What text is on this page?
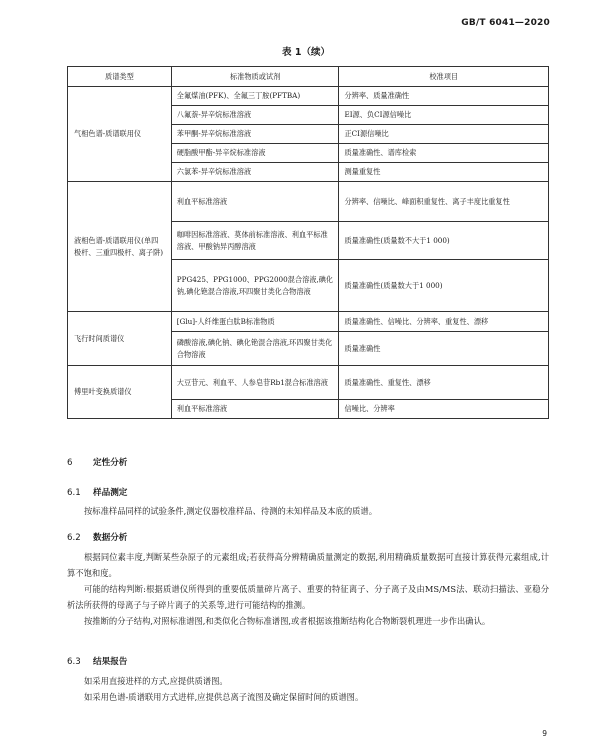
GB/T 6041—2020
表 1（续）
质谱类型	标准物质或试剂	校准项目
气相色谱-质谱联用仪	全氟煤油(PFK)、全氟三丁胺(PFTBA)	分辨率、质量准确性
	八氟萘-异辛烷标准溶液	EI源、负CI源信噪比
	苯甲酮-异辛烷标准溶液	正CI源信噪比
	硬脂酸甲酯-异辛烷标准溶液	质量准确性、谱库检索
	六氯苯-异辛烷标准溶液	测量重复性
液相色谱-质谱联用仪(单四极杆、三重四极杆、离子阱)	利血平标准溶液	分辨率、信噪比、峰面积重复性、离子丰度比重复性
	咖啡因标准溶液、莫体前标准溶液、利血平标准溶液、甲酸钠异丙醇溶液	质量准确性(质量数不大于1 000)
	PPG425、PPG1000、PPG2000混合溶液,碘化钠,碘化铯混合溶液,环四聚甘类化合物溶液	质量准确性(质量数大于1 000)
飞行时间质谱仪	[Glu]-人纤维蛋白肽B标准物质	质量准确性、信噪比、分辨率、重复性、漂移
	磷酸溶液,碘化钠、碘化铯混合溶液,环四聚甘类化合物溶液	质量准确性
傅里叶变换质谱仪	大豆苷元、利血平、人参皂苷Rb1混合标准溶液	质量准确性、重复性、漂移
	利血平标准溶液	信噪比、分辨率
6 定性分析
6.1 样品测定
按标准样品同样的试验条件,测定仪器校准样品、待测的未知样品及本底的质谱。
6.2 数据分析
根据同位素丰度,判断某些杂原子的元素组成;若获得高分辨精确质量测定的数据,利用精确质量数据可直接计算获得元素组成,计算不饱和度。
可能的结构判断:根据质谱仪所得到的重要低质量碎片离子、重要的特征离子、分子离子及由MS/MS法、联动扫描法、亚稳分析法所获得的母离子与子碎片离子的关系等,进行可能结构的推测。
按推断的分子结构,对照标准谱图,和类似化合物标准谱图,或者根据该推断结构化合物断裂机理进一步作出确认。
6.3 结果报告
如采用直接进样的方式,应提供质谱图。
如采用色谱-质谱联用方式进样,应提供总离子流图及确定保留时间的质谱图。
9
